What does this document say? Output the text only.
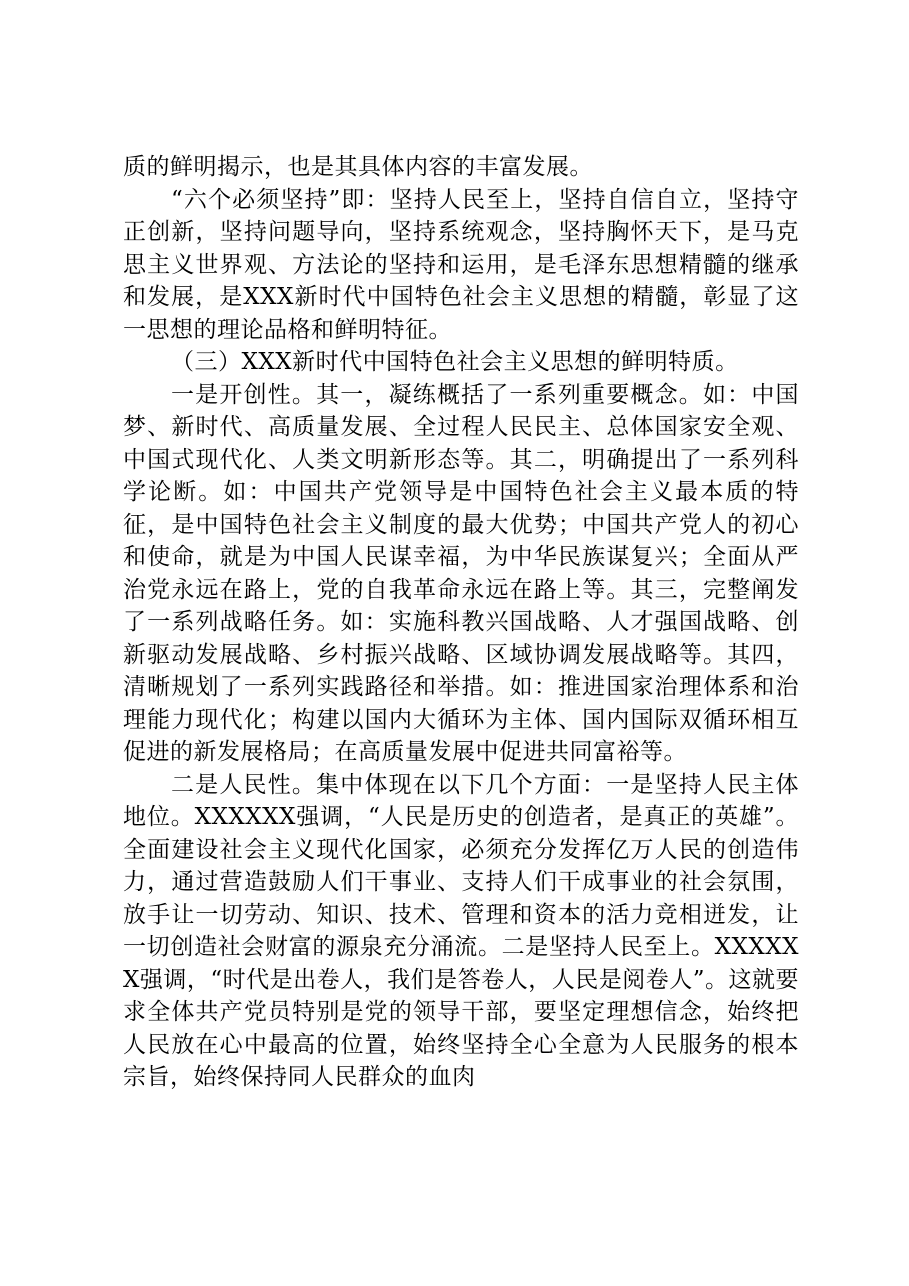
质的鲜明揭示，也是其具体内容的丰富发展。

“六个必须坚持”即：坚持人民至上，坚持自信自立，坚持守正创新，坚持问题导向，坚持系统观念，坚持胸怀天下，是马克思主义世界观、方法论的坚持和运用，是毛泽东思想精髓的继承和发展，是XXX新时代中国特色社会主义思想的精髓，彰显了这一思想的理论品格和鲜明特征。

（三）XXX新时代中国特色社会主义思想的鲜明特质。

一是开创性。其一，凝练概括了一系列重要概念。如：中国梦、新时代、高质量发展、全过程人民民主、总体国家安全观、中国式现代化、人类文明新形态等。其二，明确提出了一系列科学论断。如：中国共产党领导是中国特色社会主义最本质的特征，是中国特色社会主义制度的最大优势；中国共产党人的初心和使命，就是为中国人民谋幸福，为中华民族谋复兴；全面从严治党永远在路上，党的自我革命永远在路上等。其三，完整阐发了一系列战略任务。如：实施科教兴国战略、人才强国战略、创新驱动发展战略、乡村振兴战略、区域协调发展战略等。其四，清晰规划了一系列实践路径和举措。如：推进国家治理体系和治理能力现代化；构建以国内大循环为主体、国内国际双循环相互促进的新发展格局；在高质量发展中促进共同富裕等。

二是人民性。集中体现在以下几个方面：一是坚持人民主体地位。XXXXXX强调，“人民是历史的创造者，是真正的英雄”。全面建设社会主义现代化国家，必须充分发挥亿万人民的创造伟力，通过营造鼓励人们干事业、支持人们干成事业的社会氛围，放手让一切劳动、知识、技术、管理和资本的活力竞相迸发，让一切创造社会财富的源泉充分涌流。二是坚持人民至上。XXXXXX强调，“时代是出卷人，我们是答卷人，人民是阅卷人”。这就要求全体共产党员特别是党的领导干部，要坚定理想信念，始终把人民放在心中最高的位置，始终坚持全心全意为人民服务的根本宗旨，始终保持同人民群众的血肉
